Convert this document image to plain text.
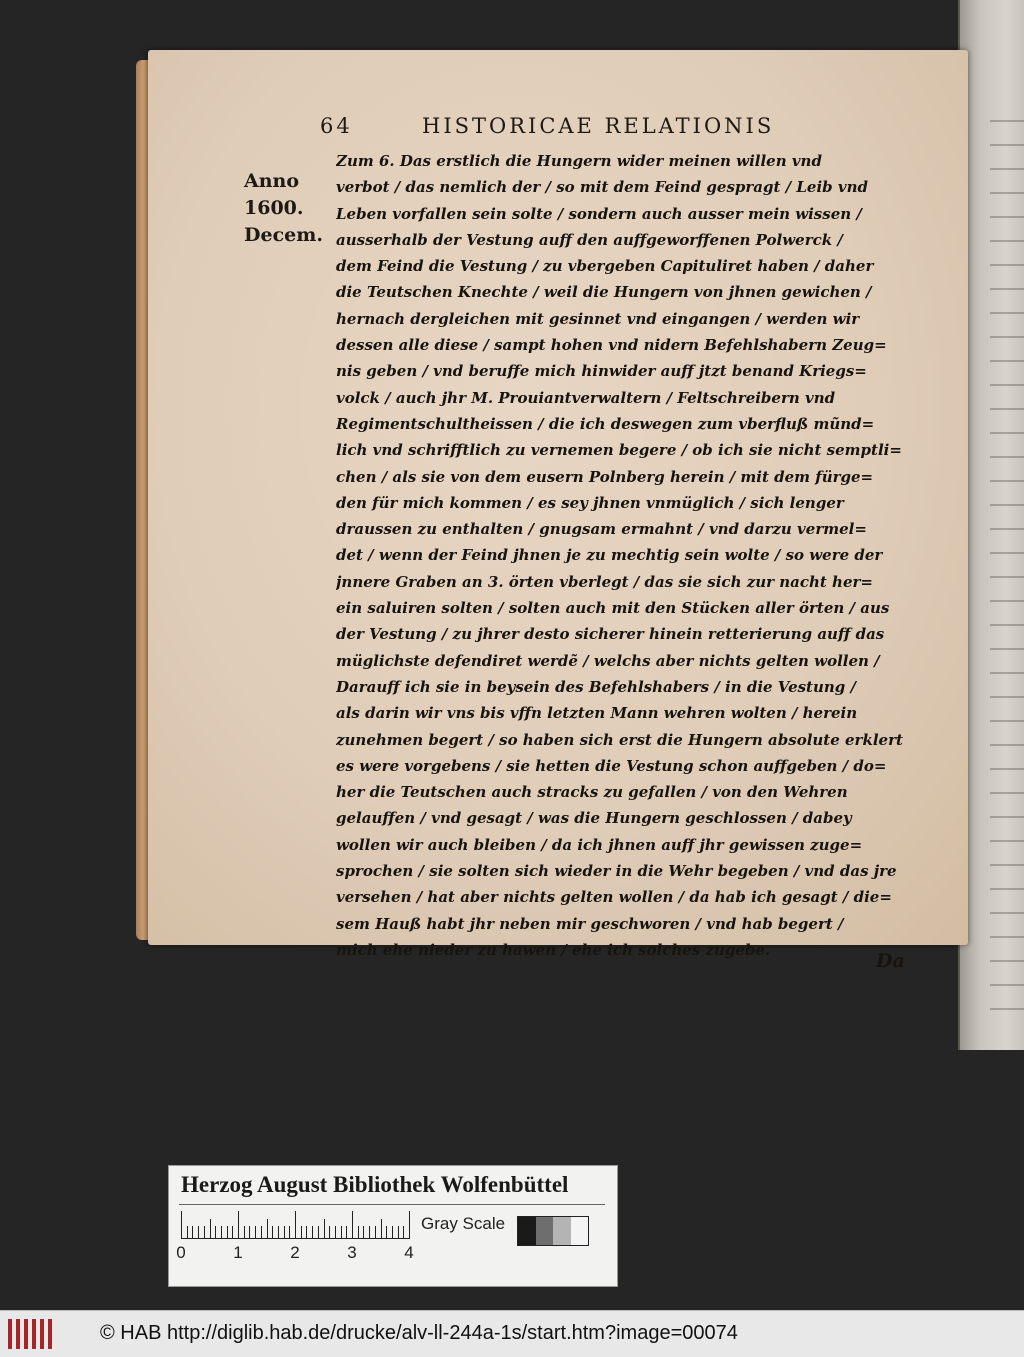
64	HISTORICAE RELATIONIS
Anno
1600.
Decem.
Zum 6. Das erstlich die Hungern wider meinen willen vnd
verbot / das nemlich der / so mit dem Feind gespragt / Leib vnd
Leben vorfallen sein solte / sondern auch ausser mein wissen /
ausserhalb der Vestung auff den auffgeworffenen Polwerck /
dem Feind die Vestung / zu vbergeben Capituliret haben / daher
die Teutschen Knechte / weil die Hungern von jhnen gewichen /
hernach dergleichen mit gesinnet vnd eingangen / werden wir
dessen alle diese / sampt hohen vnd nidern Befehlshabern Zeug=
nis geben / vnd beruffe mich hinwider auff jtzt benand Kriegs=
volck / auch jhr M. Prouiantverwaltern / Feltschreibern vnd
Regimentschultheissen / die ich deswegen zum vberfluß mũnd=
lich vnd schrifftlich zu vernemen begere / ob ich sie nicht semptli=
chen / als sie von dem eusern Polnberg herein / mit dem fürge=
den für mich kommen / es sey jhnen vnmüglich / sich lenger
draussen zu enthalten / gnugsam ermahnt / vnd darzu vermel=
det / wenn der Feind jhnen je zu mechtig sein wolte / so were der
jnnere Graben an 3. örten vberlegt / das sie sich zur nacht her=
ein saluiren solten / solten auch mit den Stücken aller örten / aus
der Vestung / zu jhrer desto sicherer hinein retterierung auff das
müglichste defendiret werdẽ / welchs aber nichts gelten wollen /
Darauff ich sie in beysein des Befehlshabers / in die Vestung /
als darin wir vns bis vffn letzten Mann wehren wolten / herein
zunehmen begert / so haben sich erst die Hungern absolute erklert
es were vorgebens / sie hetten die Vestung schon auffgeben / do=
her die Teutschen auch stracks zu gefallen / von den Wehren
gelauffen / vnd gesagt / was die Hungern geschlossen / dabey
wollen wir auch bleiben / da ich jhnen auff jhr gewissen zuge=
sprochen / sie solten sich wieder in die Wehr begeben / vnd das jre
versehen / hat aber nichts gelten wollen / da hab ich gesagt / die=
sem Hauß habt jhr neben mir geschworen / vnd hab begert /
mich ehe nieder zu hawen / ehe ich solches zugebe.
Da
Herzog August Bibliothek Wolfenbüttel
0	1	2	3	4
Gray Scale
© HAB http://diglib.hab.de/drucke/alv-ll-244a-1s/start.htm?image=00074
